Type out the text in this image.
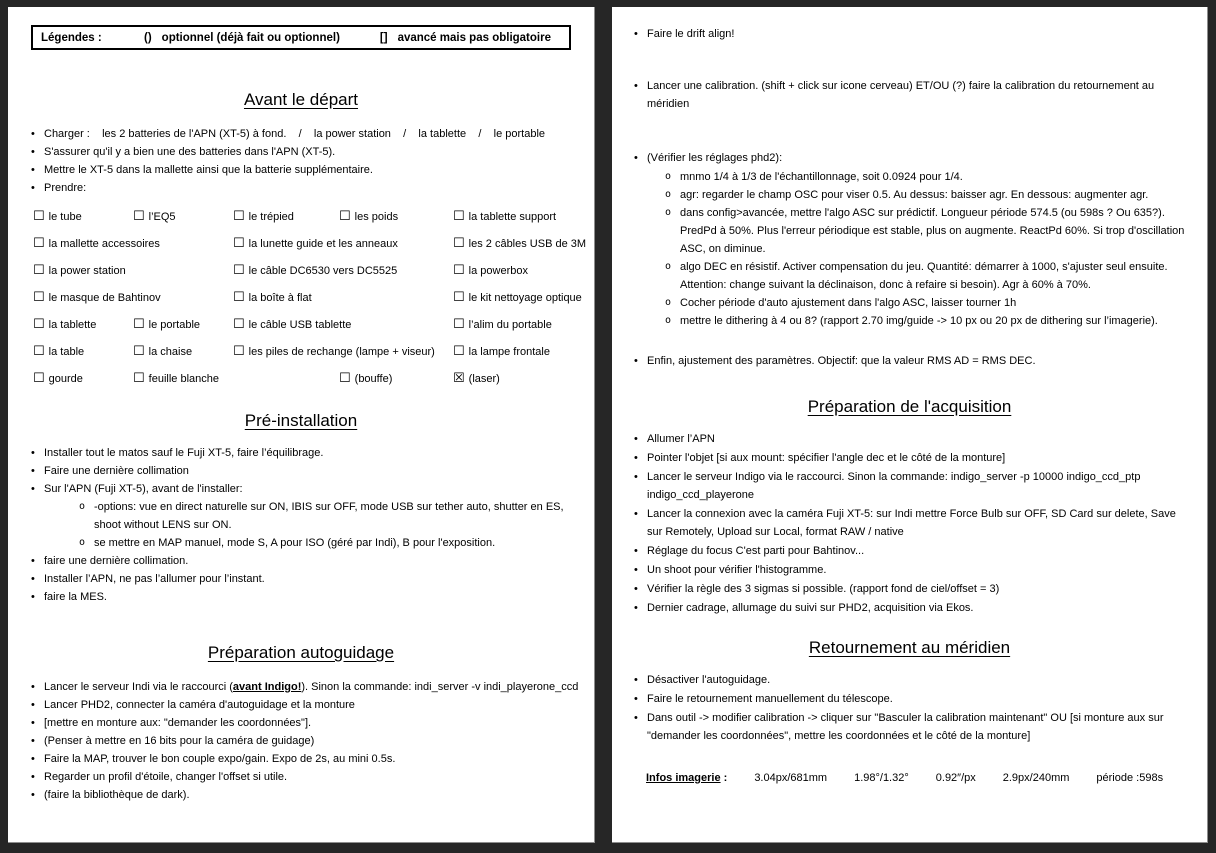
Légendes :	() optionnel (déjà fait ou optionnel)	[] avancé mais pas obligatoire
Avant le départ
• Charger :    les 2 batteries de l'APN (XT-5) à fond.    /    la power station    /    la tablette    /    le portable
• S'assurer qu'il y a bien une des batteries dans l'APN (XT-5).
• Mettre le XT-5 dans la mallette ainsi que la batterie supplémentaire.
• Prendre:
☐ le tube	☐ l’EQ5	☐ le trépied	☐ les poids	☐ la tablette support
☐ la mallette accessoires	☐ la lunette guide et les anneaux	☐ les 2 câbles USB de 3M
☐ la power station	☐ le câble DC6530 vers DC5525	☐ la powerbox
☐ le masque de Bahtinov	☐ la boîte à flat	☐ le kit nettoyage optique
☐ la tablette	☐ le portable	☐ le câble USB tablette	☐ l’alim du portable
☐ la table	☐ la chaise	☐ les piles de rechange (lampe + viseur) ☐ la lampe frontale
☐ gourde	☐ feuille blanche	☐ (bouffe)	☒ (laser)
Pré-installation
• Installer tout le matos sauf le Fuji XT-5, faire l’équilibrage.
• Faire une dernière collimation
• Sur l'APN (Fuji XT-5), avant de l'installer:
o -options: vue en direct naturelle sur ON, IBIS sur OFF, mode USB sur tether auto, shutter en ES, shoot without LENS sur ON.
o se mettre en MAP manuel, mode S, A pour ISO (géré par Indi), B pour l'exposition.
• faire une dernière collimation.
• Installer l’APN, ne pas l’allumer pour l’instant.
• faire la MES.
Préparation autoguidage
• Lancer le serveur Indi via le raccourci (avant Indigo!). Sinon la commande: indi_server -v indi_playerone_ccd
• Lancer PHD2, connecter la caméra d'autoguidage et la monture
• [mettre en monture aux: "demander les coordonnées"].
• (Penser à mettre en 16 bits pour la caméra de guidage)
• Faire la MAP, trouver le bon couple expo/gain. Expo de 2s, au mini 0.5s.
• Regarder un profil d'étoile, changer l'offset si utile.
• (faire la bibliothèque de dark).
• Faire le drift align!
• Lancer une calibration. (shift + click sur icone cerveau) ET/OU (?) faire la calibration du retournement au méridien
• (Vérifier les réglages phd2):
o mnmo 1/4 à 1/3 de l'échantillonnage, soit 0.0924 pour 1/4.
o agr: regarder le champ OSC pour viser 0.5. Au dessus: baisser agr. En dessous: augmenter agr.
o dans config>avancée, mettre l'algo ASC sur prédictif. Longueur période 574.5 (ou 598s ? Ou 635?). PredPd à 50%. Plus l'erreur périodique est stable, plus on augmente. ReactPd 60%. Si trop d'oscillation ASC, on diminue.
o algo DEC en résistif. Activer compensation du jeu. Quantité: démarrer à 1000, s'ajuster seul ensuite. Attention: change suivant la déclinaison, donc à refaire si besoin). Agr à 60% à 70%.
o Cocher période d'auto ajustement dans l'algo ASC, laisser tourner 1h
o mettre le dithering à 4 ou 8? (rapport 2.70 img/guide -> 10 px ou 20 px de dithering sur l’imagerie).
• Enfin, ajustement des paramètres. Objectif: que la valeur RMS AD = RMS DEC.
Préparation de l'acquisition
• Allumer l’APN
• Pointer l'objet [si aux mount: spécifier l'angle dec et le côté de la monture]
• Lancer le serveur Indigo via le raccourci. Sinon la commande: indigo_server -p 10000 indigo_ccd_ptp indigo_ccd_playerone
• Lancer la connexion avec la caméra Fuji XT-5: sur Indi mettre Force Bulb sur OFF, SD Card sur delete, Save sur Remotely, Upload sur Local, format RAW / native
• Réglage du focus C'est parti pour Bahtinov...
• Un shoot pour vérifier l'histogramme.
• Vérifier la règle des 3 sigmas si possible. (rapport fond de ciel/offset = 3)
• Dernier cadrage, allumage du suivi sur PHD2, acquisition via Ekos.
Retournement au méridien
• Désactiver l'autoguidage.
• Faire le retournement manuellement du télescope.
• Dans outil -> modifier calibration -> cliquer sur "Basculer la calibration maintenant" OU [si monture aux sur "demander les coordonnées", mettre les coordonnées et le côté de la monture]
Infos imagerie : 3.04px/681mm 1.98°/1.32° 0.92″/px 2.9px/240mm période :598s
